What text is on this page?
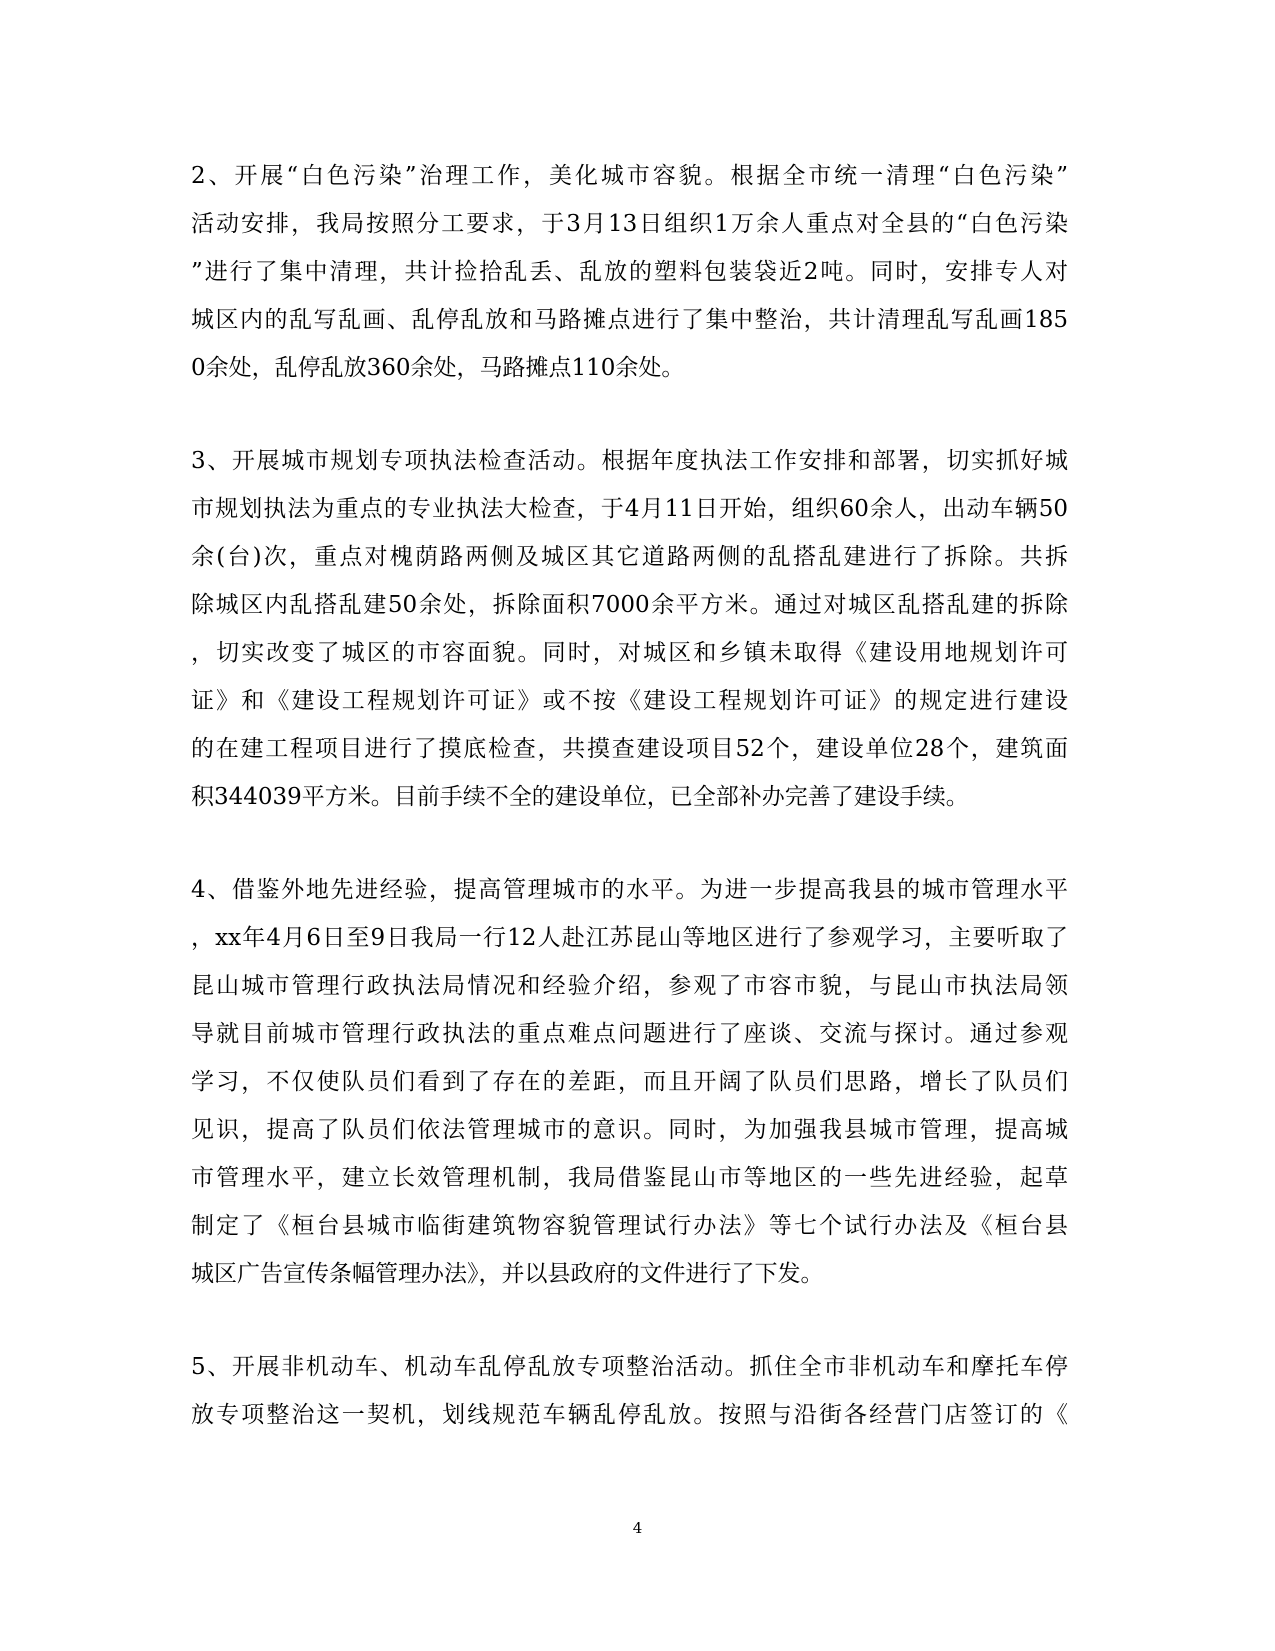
2、开展“白色污染”治理工作，美化城市容貌。根据全市统一清理“白色污染”
活动安排，我局按照分工要求，于3月13日组织1万余人重点对全县的“白色污染
”进行了集中清理，共计捡拾乱丢、乱放的塑料包装袋近2吨。同时，安排专人对
城区内的乱写乱画、乱停乱放和马路摊点进行了集中整治，共计清理乱写乱画185
0余处，乱停乱放360余处，马路摊点110余处。
3、开展城市规划专项执法检查活动。根据年度执法工作安排和部署，切实抓好城
市规划执法为重点的专业执法大检查，于4月11日开始，组织60余人，出动车辆50
余(台)次，重点对槐荫路两侧及城区其它道路两侧的乱搭乱建进行了拆除。共拆
除城区内乱搭乱建50余处，拆除面积7000余平方米。通过对城区乱搭乱建的拆除
，切实改变了城区的市容面貌。同时，对城区和乡镇未取得《建设用地规划许可
证》和《建设工程规划许可证》或不按《建设工程规划许可证》的规定进行建设
的在建工程项目进行了摸底检查，共摸查建设项目52个，建设单位28个，建筑面
积344039平方米。目前手续不全的建设单位，已全部补办完善了建设手续。
4、借鉴外地先进经验，提高管理城市的水平。为进一步提高我县的城市管理水平
，xx年4月6日至9日我局一行12人赴江苏昆山等地区进行了参观学习，主要听取了
昆山城市管理行政执法局情况和经验介绍，参观了市容市貌，与昆山市执法局领
导就目前城市管理行政执法的重点难点问题进行了座谈、交流与探讨。通过参观
学习，不仅使队员们看到了存在的差距，而且开阔了队员们思路，增长了队员们
见识，提高了队员们依法管理城市的意识。同时，为加强我县城市管理，提高城
市管理水平，建立长效管理机制，我局借鉴昆山市等地区的一些先进经验，起草
制定了《桓台县城市临街建筑物容貌管理试行办法》等七个试行办法及《桓台县
城区广告宣传条幅管理办法》，并以县政府的文件进行了下发。
5、开展非机动车、机动车乱停乱放专项整治活动。抓住全市非机动车和摩托车停
放专项整治这一契机，划线规范车辆乱停乱放。按照与沿街各经营门店签订的《
4
